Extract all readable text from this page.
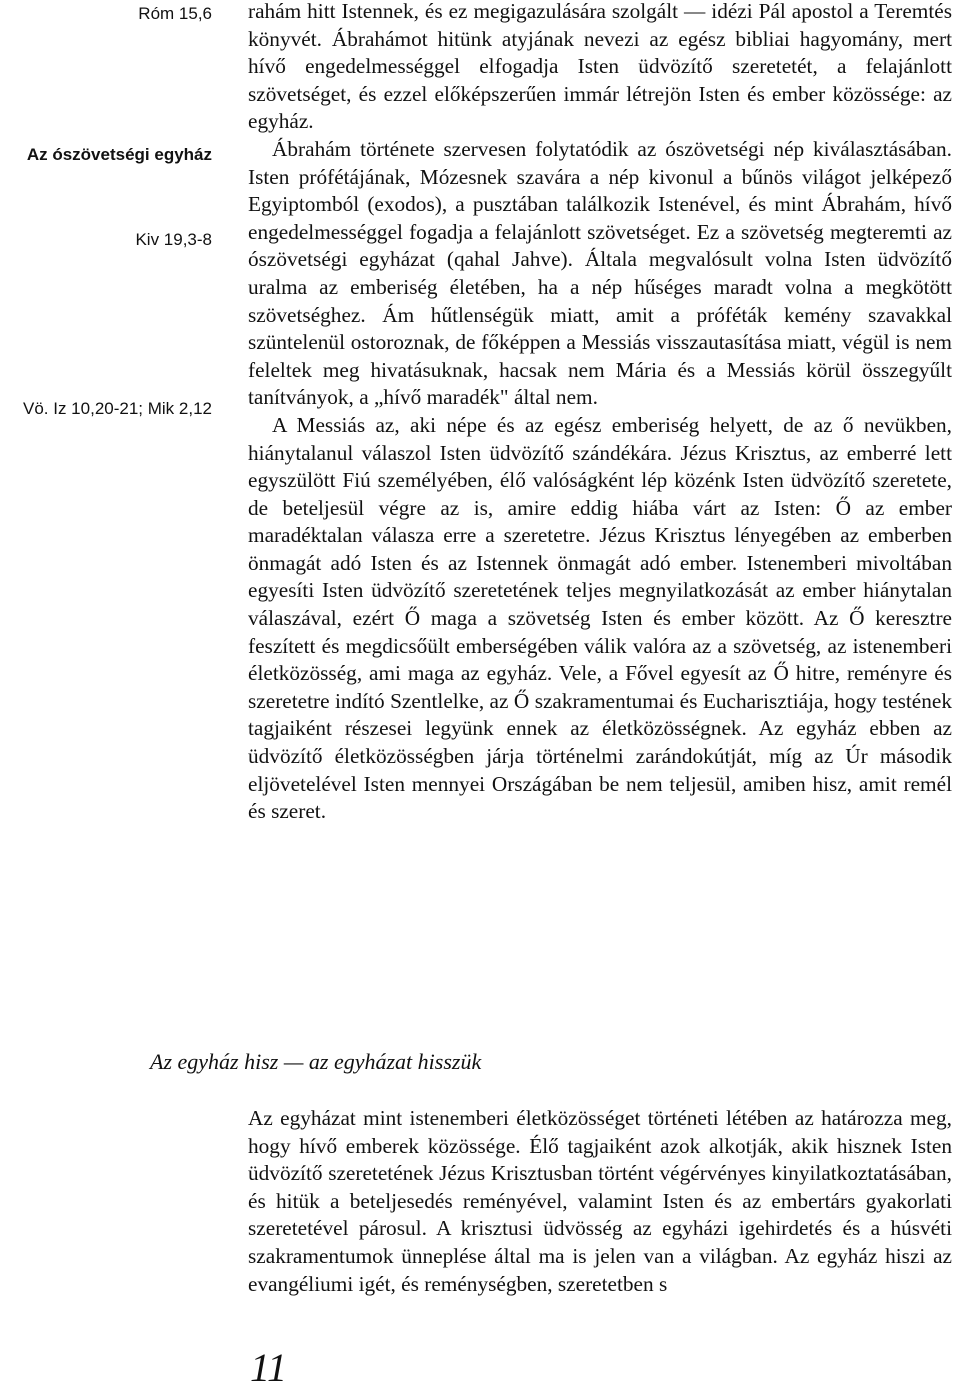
Róm 15,6
Az ószövetségi egyház
Kiv 19,3-8
Vö. Iz 10,20-21; Mik 2,12

rahám hitt Istennek, és ez megigazulására szolgált — idézi Pál apostol a Teremtés könyvét. Ábrahámot hitünk atyjának nevezi az egész bibliai hagyomány, mert hívő engedelmességgel elfogadja Isten üdvözítő szeretetét, a felajánlott szövetséget, és ezzel előképszerűen immár létrejön Isten és ember közössége: az egyház.

Ábrahám története szervesen folytatódik az ószövetségi nép kiválasztásában. Isten prófétájának, Mózesnek szavára a nép kivonul a bűnös világot jelképező Egyiptomból (exodos), a pusztában találkozik Istenével, és mint Ábrahám, hívő engedelmességgel fogadja a felajánlott szövetséget. Ez a szövetség megteremti az ószövetségi egyházat (qahal Jahve). Általa megvalósult volna Isten üdvözítő uralma az emberiség életében, ha a nép hűséges maradt volna a megkötött szövetséghez. Ám hűtlenségük miatt, amit a próféták kemény szavakkal szüntelenül ostoroznak, de főképpen a Messiás visszautasítása miatt, végül is nem feleltek meg hivatásuknak, hacsak nem Mária és a Messiás körül összegyűlt tanítványok, a „hívő maradék" által nem.

A Messiás az, aki népe és az egész emberiség helyett, de az ő nevükben, hiánytalanul válaszol Isten üdvözítő szándékára. Jézus Krisztus, az emberré lett egyszülött Fiú személyében, élő valóságként lép közénk Isten üdvözítő szeretete, de beteljesül végre az is, amire eddig hiába várt az Isten: Ő az ember maradéktalan válasza erre a szeretetre. Jézus Krisztus lényegében az emberben önmagát adó Isten és az Istennek önmagát adó ember. Istenemberi mivoltában egyesíti Isten üdvözítő szeretetének teljes megnyilatkozását az ember hiánytalan válaszával, ezért Ő maga a szövetség Isten és ember között. Az Ő keresztre feszített és megdicsőült emberségében válik valóra az a szövetség, az istenemberi életközösség, ami maga az egyház. Vele, a Fővel egyesít az Ő hitre, reményre és szeretetre indító Szentlelke, az Ő szakramentumai és Eucharisztiája, hogy testének tagjaiként részesei legyünk ennek az életközösségnek. Az egyház ebben az üdvözítő életközösségben járja történelmi zarándokútját, míg az Úr második eljövetelével Isten mennyei Országában be nem teljesül, amiben hisz, amit remél és szeret.

Az egyház hisz — az egyházat hisszük

Az egyházat mint istenemberi életközösséget történeti létében az határozza meg, hogy hívő emberek közössége. Élő tagjaiként azok alkotják, akik hisznek Isten üdvözítő szeretetének Jézus Krisztusban történt végérvényes kinyilatkoztatásában, és hitük a beteljesedés reményével, valamint Isten és az embertárs gyakorlati szeretetével párosul. A krisztusi üdvösség az egyházi igehirdetés és a húsvéti szakramentumok ünneplése által ma is jelen van a világban. Az egyház hiszi az evangéliumi igét, és reménységben, szeretetben s

11
